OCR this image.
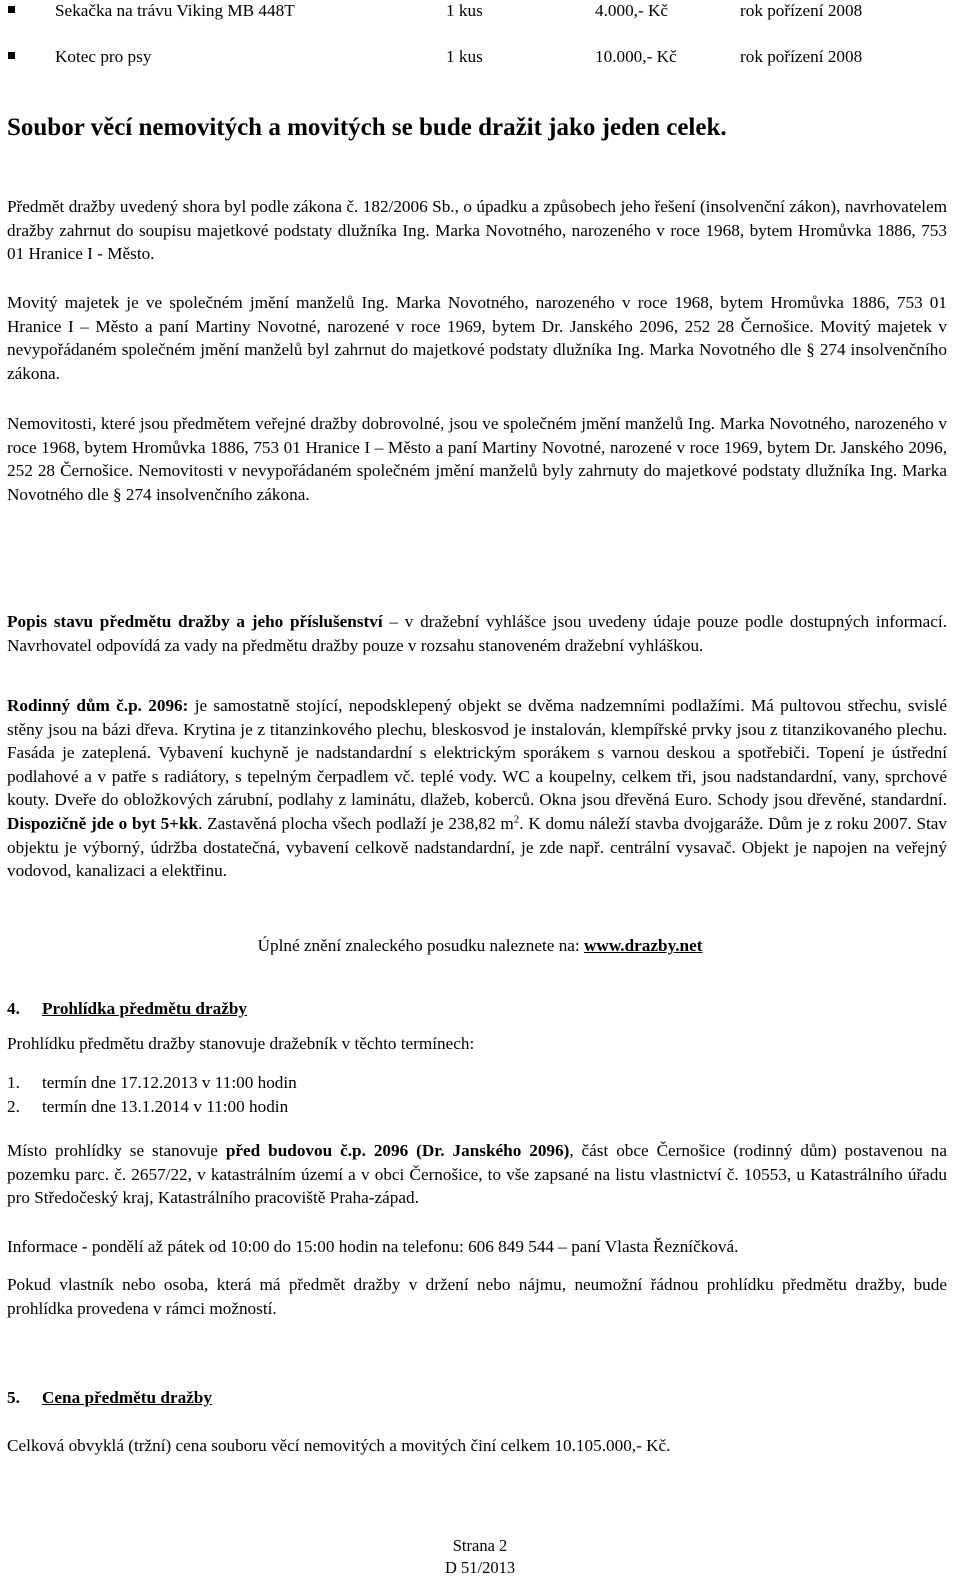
Sekačka na trávu Viking MB 448T	1 kus	4.000,- Kč	rok pořízení 2008
Kotec pro psy	1 kus	10.000,- Kč	rok pořízení 2008
Soubor věcí nemovitých a movitých se bude dražit jako jeden celek.
Předmět dražby uvedený shora byl podle zákona č. 182/2006 Sb., o úpadku a způsobech jeho řešení (insolvenční zákon), navrhovatelem dražby zahrnut do soupisu majetkové podstaty dlužníka Ing. Marka Novotného, narozeného v roce 1968, bytem Hromůvka 1886, 753 01 Hranice I - Město.
Movitý majetek je ve společném jmění manželů Ing. Marka Novotného, narozeného v roce 1968, bytem Hromůvka 1886, 753 01 Hranice I – Město a paní Martiny Novotné, narozené v roce 1969, bytem Dr. Janského 2096, 252 28 Černošice. Movitý majetek v nevypořádaném společném jmění manželů byl zahrnut do majetkové podstaty dlužníka Ing. Marka Novotného dle § 274 insolvenčního zákona.
Nemovitosti, které jsou předmětem veřejné dražby dobrovolné, jsou ve společném jmění manželů Ing. Marka Novotného, narozeného v roce 1968, bytem Hromůvka 1886, 753 01 Hranice I – Město a paní Martiny Novotné, narozené v roce 1969, bytem Dr. Janského 2096, 252 28 Černošice. Nemovitosti v nevypořádaném společném jmění manželů byly zahrnuty do majetkové podstaty dlužníka Ing. Marka Novotného dle § 274 insolvenčního zákona.
Popis stavu předmětu dražby a jeho příslušenství – v dražební vyhlášce jsou uvedeny údaje pouze podle dostupných informací. Navrhovatel odpovídá za vady na předmětu dražby pouze v rozsahu stanoveném dražební vyhláškou.
Rodinný dům č.p. 2096: je samostatně stojící, nepodsklepený objekt se dvěma nadzemními podlažími. Má pultovou střechu, svislé stěny jsou na bázi dřeva. Krytina je z titanzinkového plechu, bleskosvod je instalován, klempířské prvky jsou z titanzikovaného plechu. Fasáda je zateplená. Vybavení kuchyně je nadstandardní s elektrickým sporákem s varnou deskou a spotřebiči. Topení je ústřední podlahové a v patře s radiátory, s tepelným čerpadlem vč. teplé vody. WC a koupelny, celkem tři, jsou nadstandardní, vany, sprchové kouty. Dveře do obložkových zárubní, podlahy z laminátu, dlažeb, koberců. Okna jsou dřevěná Euro. Schody jsou dřevěné, standardní. Dispozičně jde o byt 5+kk. Zastavěná plocha všech podlaží je 238,82 $m^2$. K domu náleží stavba dvojgaráže. Dům je z roku 2007. Stav objektu je výborný, údržba dostatečná, vybavení celkově nadstandardní, je zde např. centrální vysavač. Objekt je napojen na veřejný vodovod, kanalizaci a elektřinu.
Úplné znění znaleckého posudku naleznete na: www.drazby.net
4. Prohlídka předmětu dražby
Prohlídku předmětu dražby stanovuje dražebník v těchto termínech:
1. termín dne 17.12.2013 v 11:00 hodin
2. termín dne 13.1.2014 v 11:00 hodin
Místo prohlídky se stanovuje před budovou č.p. 2096 (Dr. Janského 2096), část obce Černošice (rodinný dům) postavenou na pozemku parc. č. 2657/22, v katastrálním území a v obci Černošice, to vše zapsané na listu vlastnictví č. 10553, u Katastrálního úřadu pro Středočeský kraj, Katastrálního pracoviště Praha-západ.
Informace - pondělí až pátek od 10:00 do 15:00 hodin na telefonu: 606 849 544 – paní Vlasta Řezníčková.
Pokud vlastník nebo osoba, která má předmět dražby v držení nebo nájmu, neumožní řádnou prohlídku předmětu dražby, bude prohlídka provedena v rámci možností.
5. Cena předmětu dražby
Celková obvyklá (tržní) cena souboru věcí nemovitých a movitých činí celkem 10.105.000,- Kč.
Strana 2
D 51/2013
